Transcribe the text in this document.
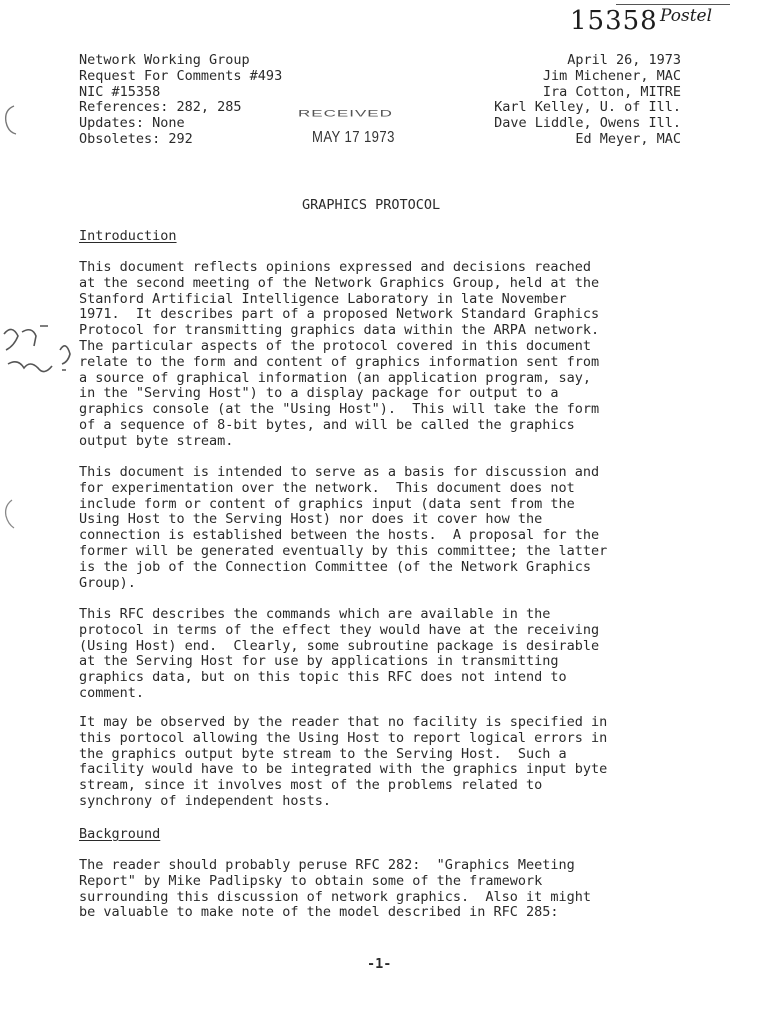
15358 Postel
Network Working Group
Request For Comments #493
NIC #15358
References: 282, 285
Updates: None
Obsoletes: 292
April 26, 1973
Jim Michener, MAC
Ira Cotton, MITRE
Karl Kelley, U. of Ill.
Dave Liddle, Owens Ill.
Ed Meyer, MAC
RECEIVED
MAY 17 1973
GRAPHICS PROTOCOL
Introduction
This document reflects opinions expressed and decisions reached
at the second meeting of the Network Graphics Group, held at the
Stanford Artificial Intelligence Laboratory in late November
1971.  It describes part of a proposed Network Standard Graphics
Protocol for transmitting graphics data within the ARPA network.
The particular aspects of the protocol covered in this document
relate to the form and content of graphics information sent from
a source of graphical information (an application program, say,
in the "Serving Host") to a display package for output to a
graphics console (at the "Using Host").  This will take the form
of a sequence of 8-bit bytes, and will be called the graphics
output byte stream.
This document is intended to serve as a basis for discussion and
for experimentation over the network.  This document does not
include form or content of graphics input (data sent from the
Using Host to the Serving Host) nor does it cover how the
connection is established between the hosts.  A proposal for the
former will be generated eventually by this committee; the latter
is the job of the Connection Committee (of the Network Graphics
Group).
This RFC describes the commands which are available in the
protocol in terms of the effect they would have at the receiving
(Using Host) end.  Clearly, some subroutine package is desirable
at the Serving Host for use by applications in transmitting
graphics data, but on this topic this RFC does not intend to
comment.
It may be observed by the reader that no facility is specified in
this portocol allowing the Using Host to report logical errors in
the graphics output byte stream to the Serving Host.  Such a
facility would have to be integrated with the graphics input byte
stream, since it involves most of the problems related to
synchrony of independent hosts.
Background
The reader should probably peruse RFC 282:  "Graphics Meeting
Report" by Mike Padlipsky to obtain some of the framework
surrounding this discussion of network graphics.  Also it might
be valuable to make note of the model described in RFC 285:
-1-
